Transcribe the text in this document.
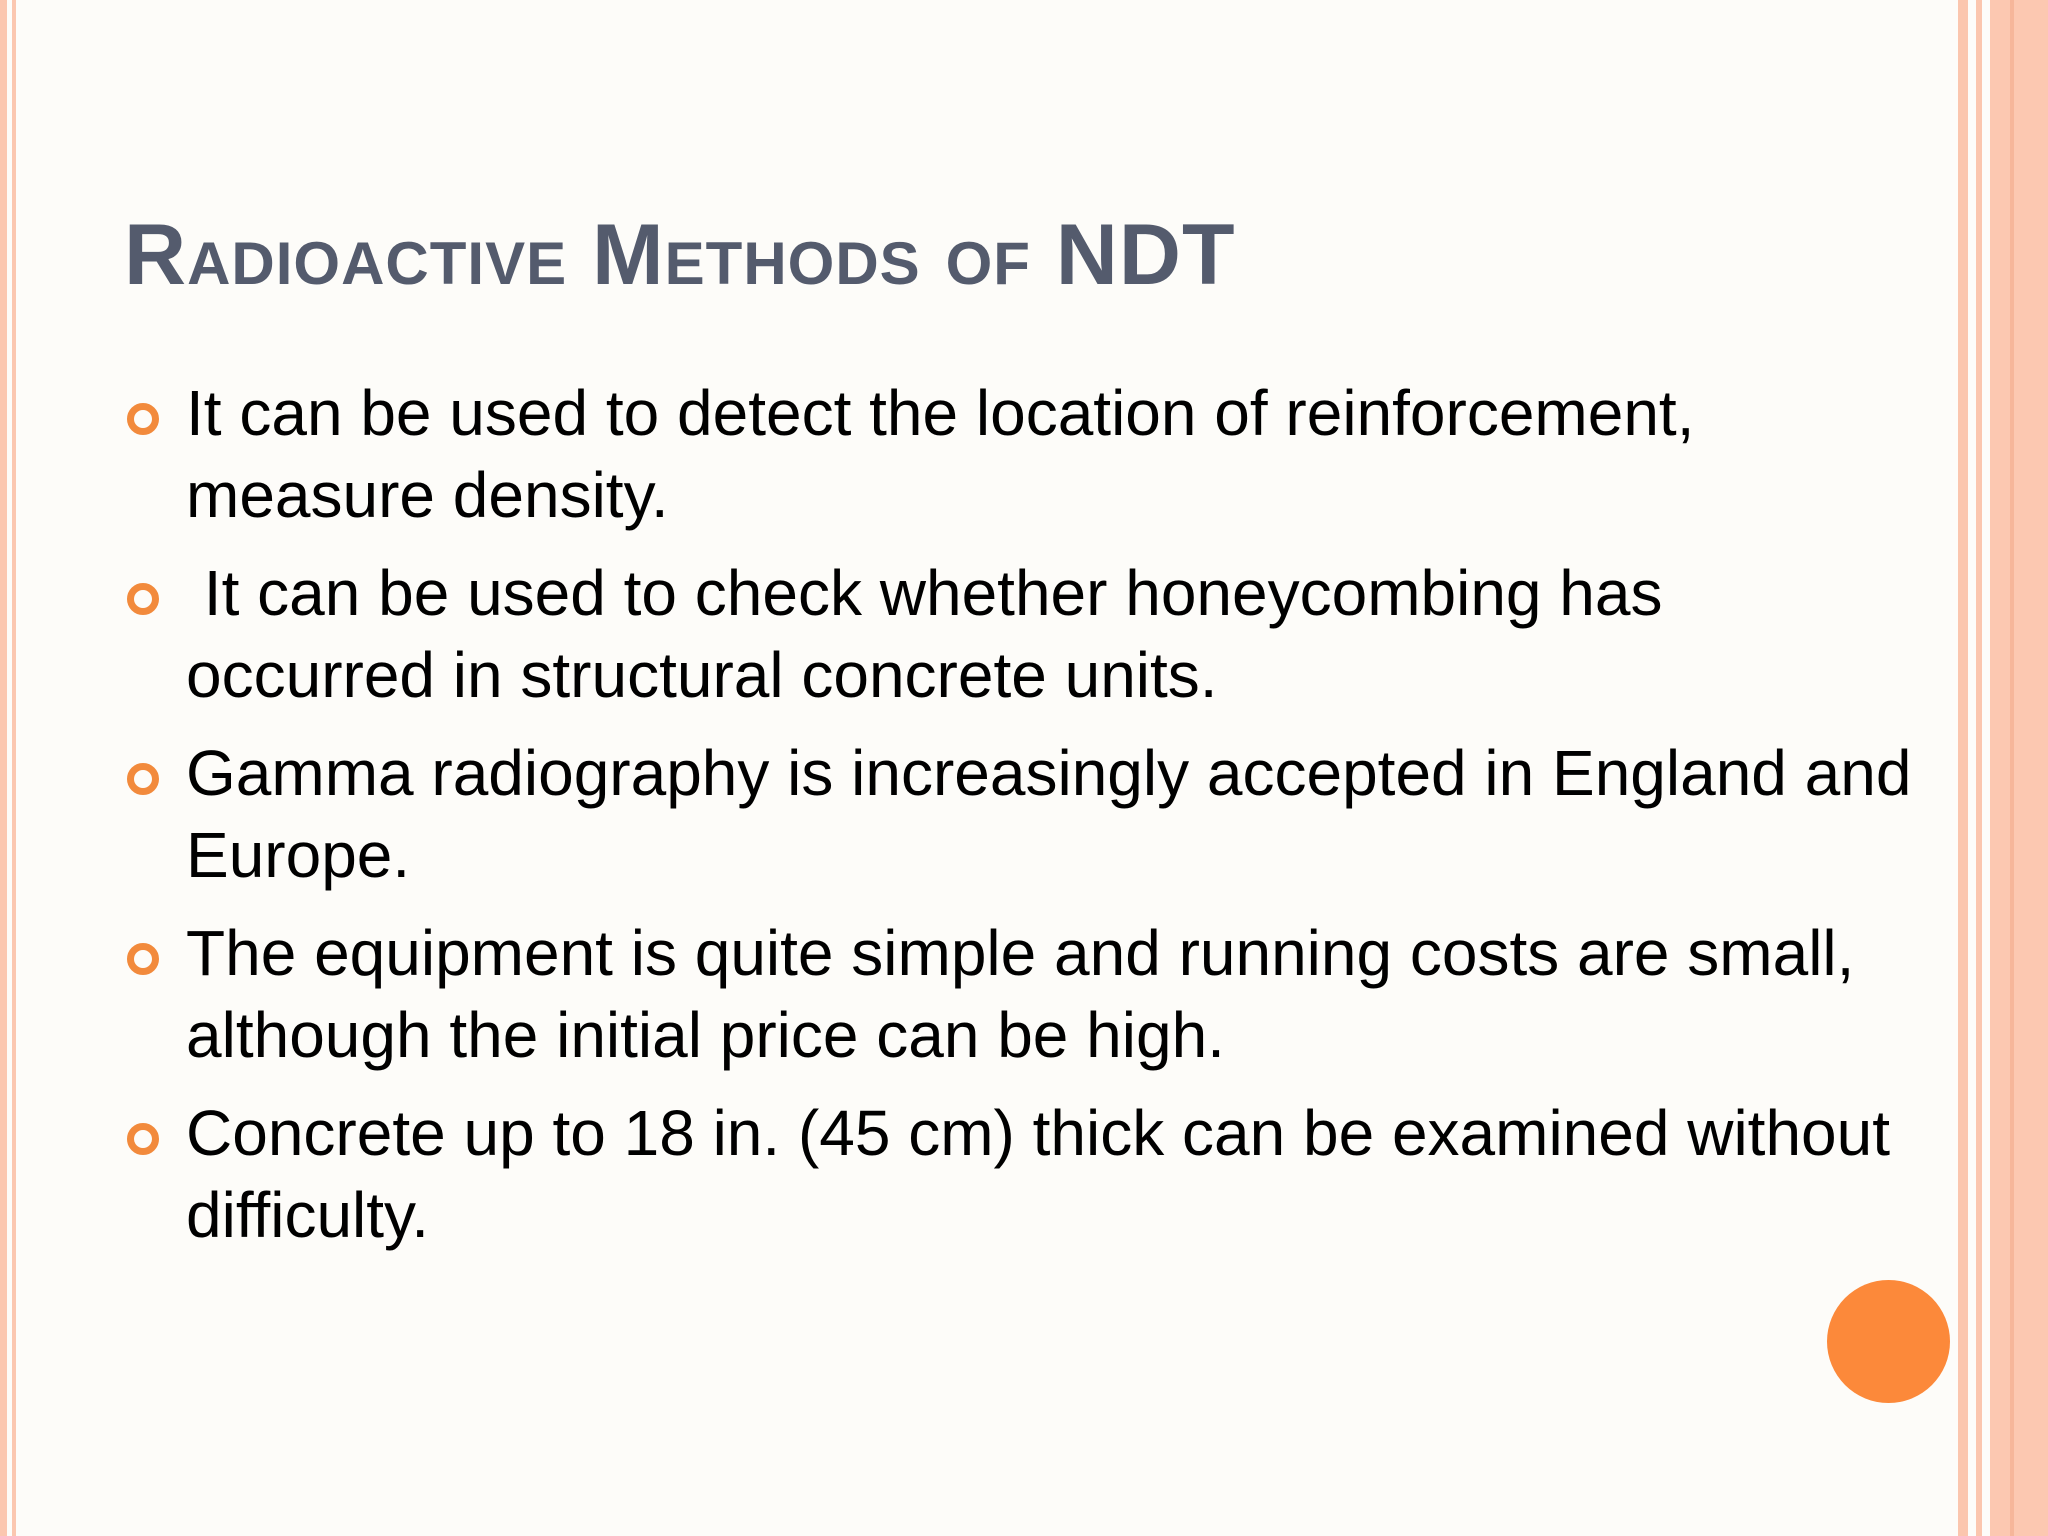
Radioactive Methods of NDT
It can be used to detect the location of reinforcement, measure density.
It can be used to check whether honeycombing has occurred in structural concrete units.
Gamma radiography is increasingly accepted in England and Europe.
The equipment is quite simple and running costs are small, although the initial price can be high.
Concrete up to 18 in. (45 cm) thick can be examined without difficulty.
